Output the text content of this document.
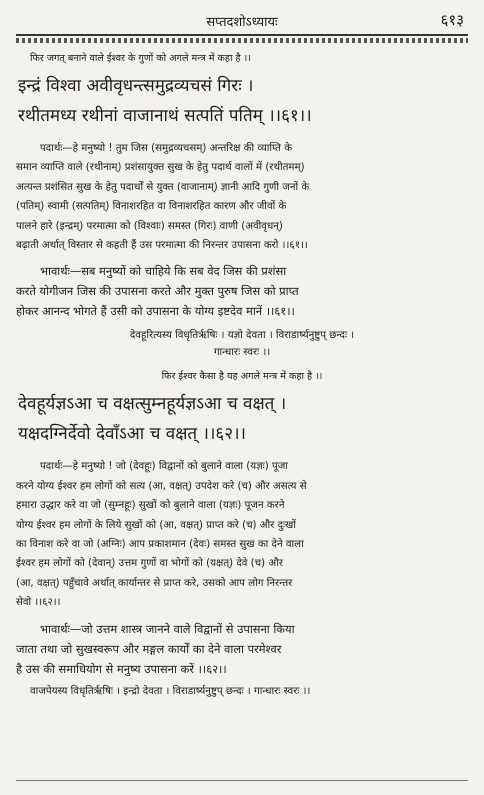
सप्तदशोऽध्यायः	६१३
फिर जगत् बनाने वाले ईश्वर के गुणों को अगले मन्त्र में कहा है ।।
इन्द्रं विश्वा अवीवृधन्त्समुद्रव्यचसं गिरः ।
रथीतमध्य रथीनां वाजानाथं सत्पतिं पतिम् ।।६१।।
पदार्थः—हे मनुष्यो ! तुम जिस (समुद्रव्यचसम्) अन्तरिक्ष की व्याप्ति के
समान व्याप्ति वाले (रथीनाम्) प्रशंसायुक्त सुख के हेतु पदार्थ वालों में (रथीतमम्)
अत्यन्त प्रशंसित सुख के हेतु पदार्थों से युक्त (वाजानाम्) ज्ञानी आदि गुणी जनों के
(पतिम्) स्वामी (सत्पतिम्) विनाशरहित वा विनाशरहित कारण और जीवों के
पालने हारे (इन्द्रम्) परमात्मा को (विश्वाः) समस्त (गिरः) वाणी (अवीवृधन्)
बढ़ाती अर्थात् विस्तार से कहती हैं उस परमात्मा की निरन्तर उपासना करो ।।६१।।
भावार्थः—सब मनुष्यों को चाहिये कि सब वेद जिस की प्रशंसा
करते योगीजन जिस की उपासना करते और मुक्त पुरुष जिस को प्राप्त
होकर आनन्द भोगते हैं उसी को उपासना के योग्य इष्टदेव मानें ।।६१।।
देवहूरित्यस्य विधृतिर्ऋषिः । यज्ञो देवता । विराडार्ष्यनुष्टुप् छन्दः ।
गान्धारः स्वरः ।।
फिर ईश्वर कैसा है यह अगले मन्त्र में कहा है ।।
देवहूर्यज्ञऽआ च वक्षत्सुम्नहूर्यज्ञऽआ च वक्षत् ।
यक्षदग्निर्देवो देवाँऽआ च वक्षत् ।।६२।।
पदार्थः—हे मनुष्यो ! जो (देवहूः) विद्वानों को बुलाने वाला (यज्ञः) पूजा
करने योग्य ईश्वर हम लोगों को सत्य (आ, वक्षत्) उपदेश करे (च) और असत्य से
हमारा उद्धार करे वा जो (सुम्नहूः) सुखों को बुलाने वाला (यज्ञः) पूजन करने
योग्य ईश्वर हम लोगों के लिये सुखों को (आ, वक्षत्) प्राप्त करे (च) और दुःखों
का विनाश करे वा जो (अग्निः) आप प्रकाशमान (देवः) समस्त सुख का देने वाला
ईश्वर हम लोगों को (देवान्) उत्तम गुणों वा भोगों को (यक्षत्) देवे (च) और
(आ, वक्षत्) पहुँचावे अर्थात् कार्यान्तर से प्राप्त करे, उसको आप लोग निरन्तर
सेवो ।।६२।।
भावार्थः—जो उत्तम शास्त्र जानने वाले विद्वानों से उपासना किया
जाता तथा जो सुखस्वरूप और मङ्गल कार्यों का देने वाला परमेश्वर
है उस की समाधियोग से मनुष्य उपासना करें ।।६२।।
वाजपेयस्य विधृतिर्ऋषिः । इन्द्रो देवता । विराडार्ष्यनुष्टुप् छन्दः । गान्धारः स्वरः ।।
